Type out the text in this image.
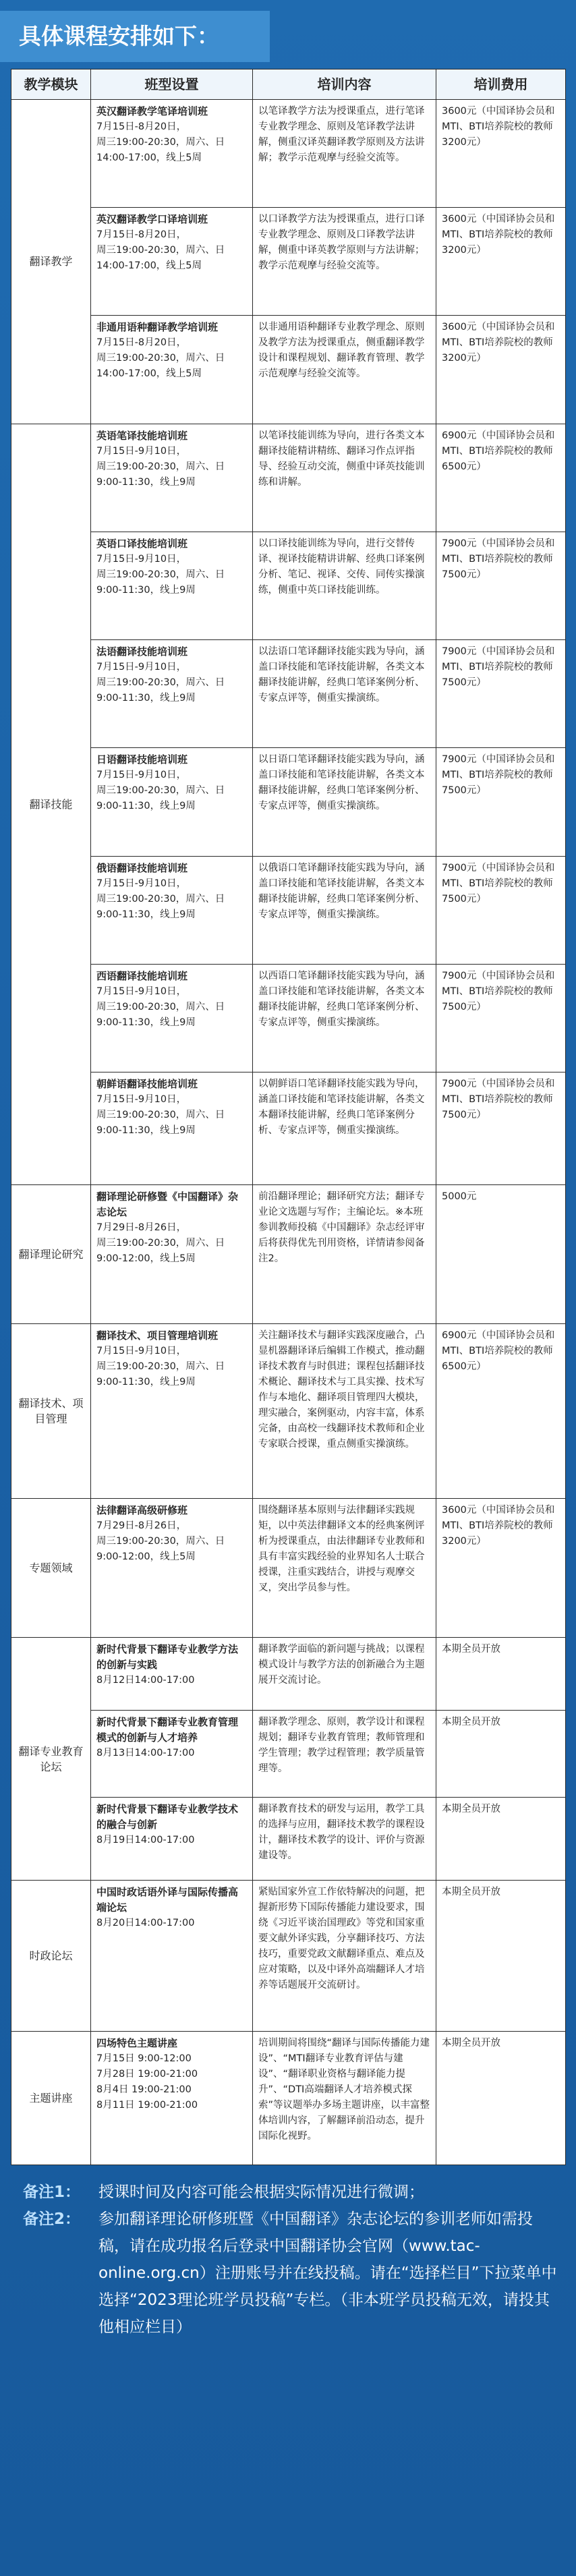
具体课程安排如下：
教学模块	班型设置	培训内容	培训费用
翻译教学	英汉翻译教学笔译培训班
7月15日-8月20日，
周三19:00-20:30，周六、日
14:00-17:00，线上5周	以笔译教学方法为授课重点，进行笔译专业教学理念、原则及笔译教学法讲解，侧重汉译英翻译教学原则及方法讲解；教学示范观摩与经验交流等。	3600元（中国译协会员和MTI、BTI培养院校的教师3200元）

	英汉翻译教学口译培训班
7月15日-8月20日，
周三19:00-20:30，周六、日
14:00-17:00，线上5周	以口译教学方法为授课重点，进行口译专业教学理念、原则及口译教学法讲解，侧重中译英教学原则与方法讲解；教学示范观摩与经验交流等。	3600元（中国译协会员和MTI、BTI培养院校的教师3200元）

	非通用语种翻译教学培训班
7月15日-8月20日，
周三19:00-20:30，周六、日
14:00-17:00，线上5周	以非通用语种翻译专业教学理念、原则及教学方法为授课重点，侧重翻译教学设计和课程规划、翻译教育管理、教学示范观摩与经验交流等。	3600元（中国译协会员和MTI、BTI培养院校的教师3200元）
翻译技能	英语笔译技能培训班
7月15日-9月10日，
周三19:00-20:30，周六、日
9:00-11:30，线上9周	以笔译技能训练为导向，进行各类文本翻译技能精讲精练、翻译习作点评指导、经验互动交流，侧重中译英技能训练和讲解。	6900元（中国译协会员和MTI、BTI培养院校的教师6500元）

	英语口译技能培训班
7月15日-9月10日，
周三19:00-20:30，周六、日
9:00-11:30，线上9周	以口译技能训练为导向，进行交替传译、视译技能精讲讲解、经典口译案例分析、笔记、视译、交传、同传实操演练，侧重中英口译技能训练。	7900元（中国译协会员和MTI、BTI培养院校的教师7500元）

	法语翻译技能培训班
7月15日-9月10日，
周三19:00-20:30，周六、日
9:00-11:30，线上9周	以法语口笔译翻译技能实践为导向，涵盖口译技能和笔译技能讲解，各类文本翻译技能讲解，经典口笔译案例分析、专家点评等，侧重实操演练。	7900元（中国译协会员和MTI、BTI培养院校的教师7500元）

	日语翻译技能培训班
7月15日-9月10日，
周三19:00-20:30，周六、日
9:00-11:30，线上9周	以日语口笔译翻译技能实践为导向，涵盖口译技能和笔译技能讲解，各类文本翻译技能讲解，经典口笔译案例分析、专家点评等，侧重实操演练。	7900元（中国译协会员和MTI、BTI培养院校的教师7500元）

	俄语翻译技能培训班
7月15日-9月10日，
周三19:00-20:30，周六、日
9:00-11:30，线上9周	以俄语口笔译翻译技能实践为导向，涵盖口译技能和笔译技能讲解，各类文本翻译技能讲解，经典口笔译案例分析、专家点评等，侧重实操演练。	7900元（中国译协会员和MTI、BTI培养院校的教师7500元）

	西语翻译技能培训班
7月15日-9月10日，
周三19:00-20:30，周六、日
9:00-11:30，线上9周	以西语口笔译翻译技能实践为导向，涵盖口译技能和笔译技能讲解，各类文本翻译技能讲解，经典口笔译案例分析、专家点评等，侧重实操演练。	7900元（中国译协会员和MTI、BTI培养院校的教师7500元）

	朝鲜语翻译技能培训班
7月15日-9月10日，
周三19:00-20:30，周六、日
9:00-11:30，线上9周	以朝鲜语口笔译翻译技能实践为导向，涵盖口译技能和笔译技能讲解，各类文本翻译技能讲解，经典口笔译案例分析、专家点评等，侧重实操演练。	7900元（中国译协会员和MTI、BTI培养院校的教师7500元）
翻译理论研究	翻译理论研修暨《中国翻译》杂志论坛
7月29日-8月26日，
周三19:00-20:30，周六、日
9:00-12:00，线上5周	前沿翻译理论；翻译研究方法；翻译专业论文选题与写作；主编论坛。※本班参训教师投稿《中国翻译》杂志经评审后将获得优先刊用资格，详情请参阅备注2。	5000元
翻译技术、项目管理	翻译技术、项目管理培训班
7月15日-9月10日，
周三19:00-20:30，周六、日
9:00-11:30，线上9周	关注翻译技术与翻译实践深度融合，凸显机器翻译译后编辑工作模式，推动翻译技术教育与时俱进；课程包括翻译技术概论、翻译技术与工具实操、技术写作与本地化、翻译项目管理四大模块，理实融合，案例驱动，内容丰富，体系完备，由高校一线翻译技术教师和企业专家联合授课，重点侧重实操演练。	6900元（中国译协会员和MTI、BTI培养院校的教师6500元）
专题领域	法律翻译高级研修班
7月29日-8月26日，
周三19:00-20:30，周六、日
9:00-12:00，线上5周	围绕翻译基本原则与法律翻译实践规矩，以中英法律翻译文本的经典案例评析为授课重点，由法律翻译专业教师和具有丰富实践经验的业界知名人士联合授课，注重实践结合，讲授与观摩交叉，突出学员参与性。	3600元（中国译协会员和MTI、BTI培养院校的教师3200元）
翻译专业教育论坛	新时代背景下翻译专业教学方法的创新与实践
8月12日14:00-17:00	翻译教学面临的新问题与挑战；以课程模式设计与教学方法的创新融合为主题展开交流讨论。	本期全员开放

	新时代背景下翻译专业教育管理模式的创新与人才培养
8月13日14:00-17:00	翻译教学理念、原则，教学设计和课程规划；翻译专业教育管理；教师管理和学生管理；教学过程管理；教学质量管理等。	本期全员开放

	新时代背景下翻译专业教学技术的融合与创新
8月19日14:00-17:00	翻译教育技术的研发与运用，教学工具的选择与应用，翻译技术教学的课程设计，翻译技术教学的设计、评价与资源建设等。	本期全员开放
时政论坛	中国时政话语外译与国际传播高端论坛
8月20日14:00-17:00	紧贴国家外宣工作依特解决的问题，把握新形势下国际传播能力建设要求，围绕《习近平谈治国理政》等党和国家重要文献外译实践，分享翻译技巧、方法技巧，重要党政文献翻译重点、难点及应对策略，以及中译外高端翻译人才培养等话题展开交流研讨。	本期全员开放
主题讲座	四场特色主题讲座
7月15日 9:00-12:00
7月28日 19:00-21:00
8月4日 19:00-21:00
8月11日 19:00-21:00	培训期间将围绕“翻译与国际传播能力建设”、“MTI翻译专业教育评估与建设”、“翻译职业资格与翻译能力提升”、“DTI高端翻译人才培养模式探索”等议题举办多场主题讲座，以丰富整体培训内容，了解翻译前沿动态，提升国际化视野。	本期全员开放
备注1：	授课时间及内容可能会根据实际情况进行微调；
备注2：	参加翻译理论研修班暨《中国翻译》杂志论坛的参训老师如需投稿，请在成功报名后登录中国翻译协会官网（www.tac-online.org.cn）注册账号并在线投稿。请在“选择栏目”下拉菜单中选择“2023理论班学员投稿”专栏。（非本班学员投稿无效，请投其他相应栏目）
